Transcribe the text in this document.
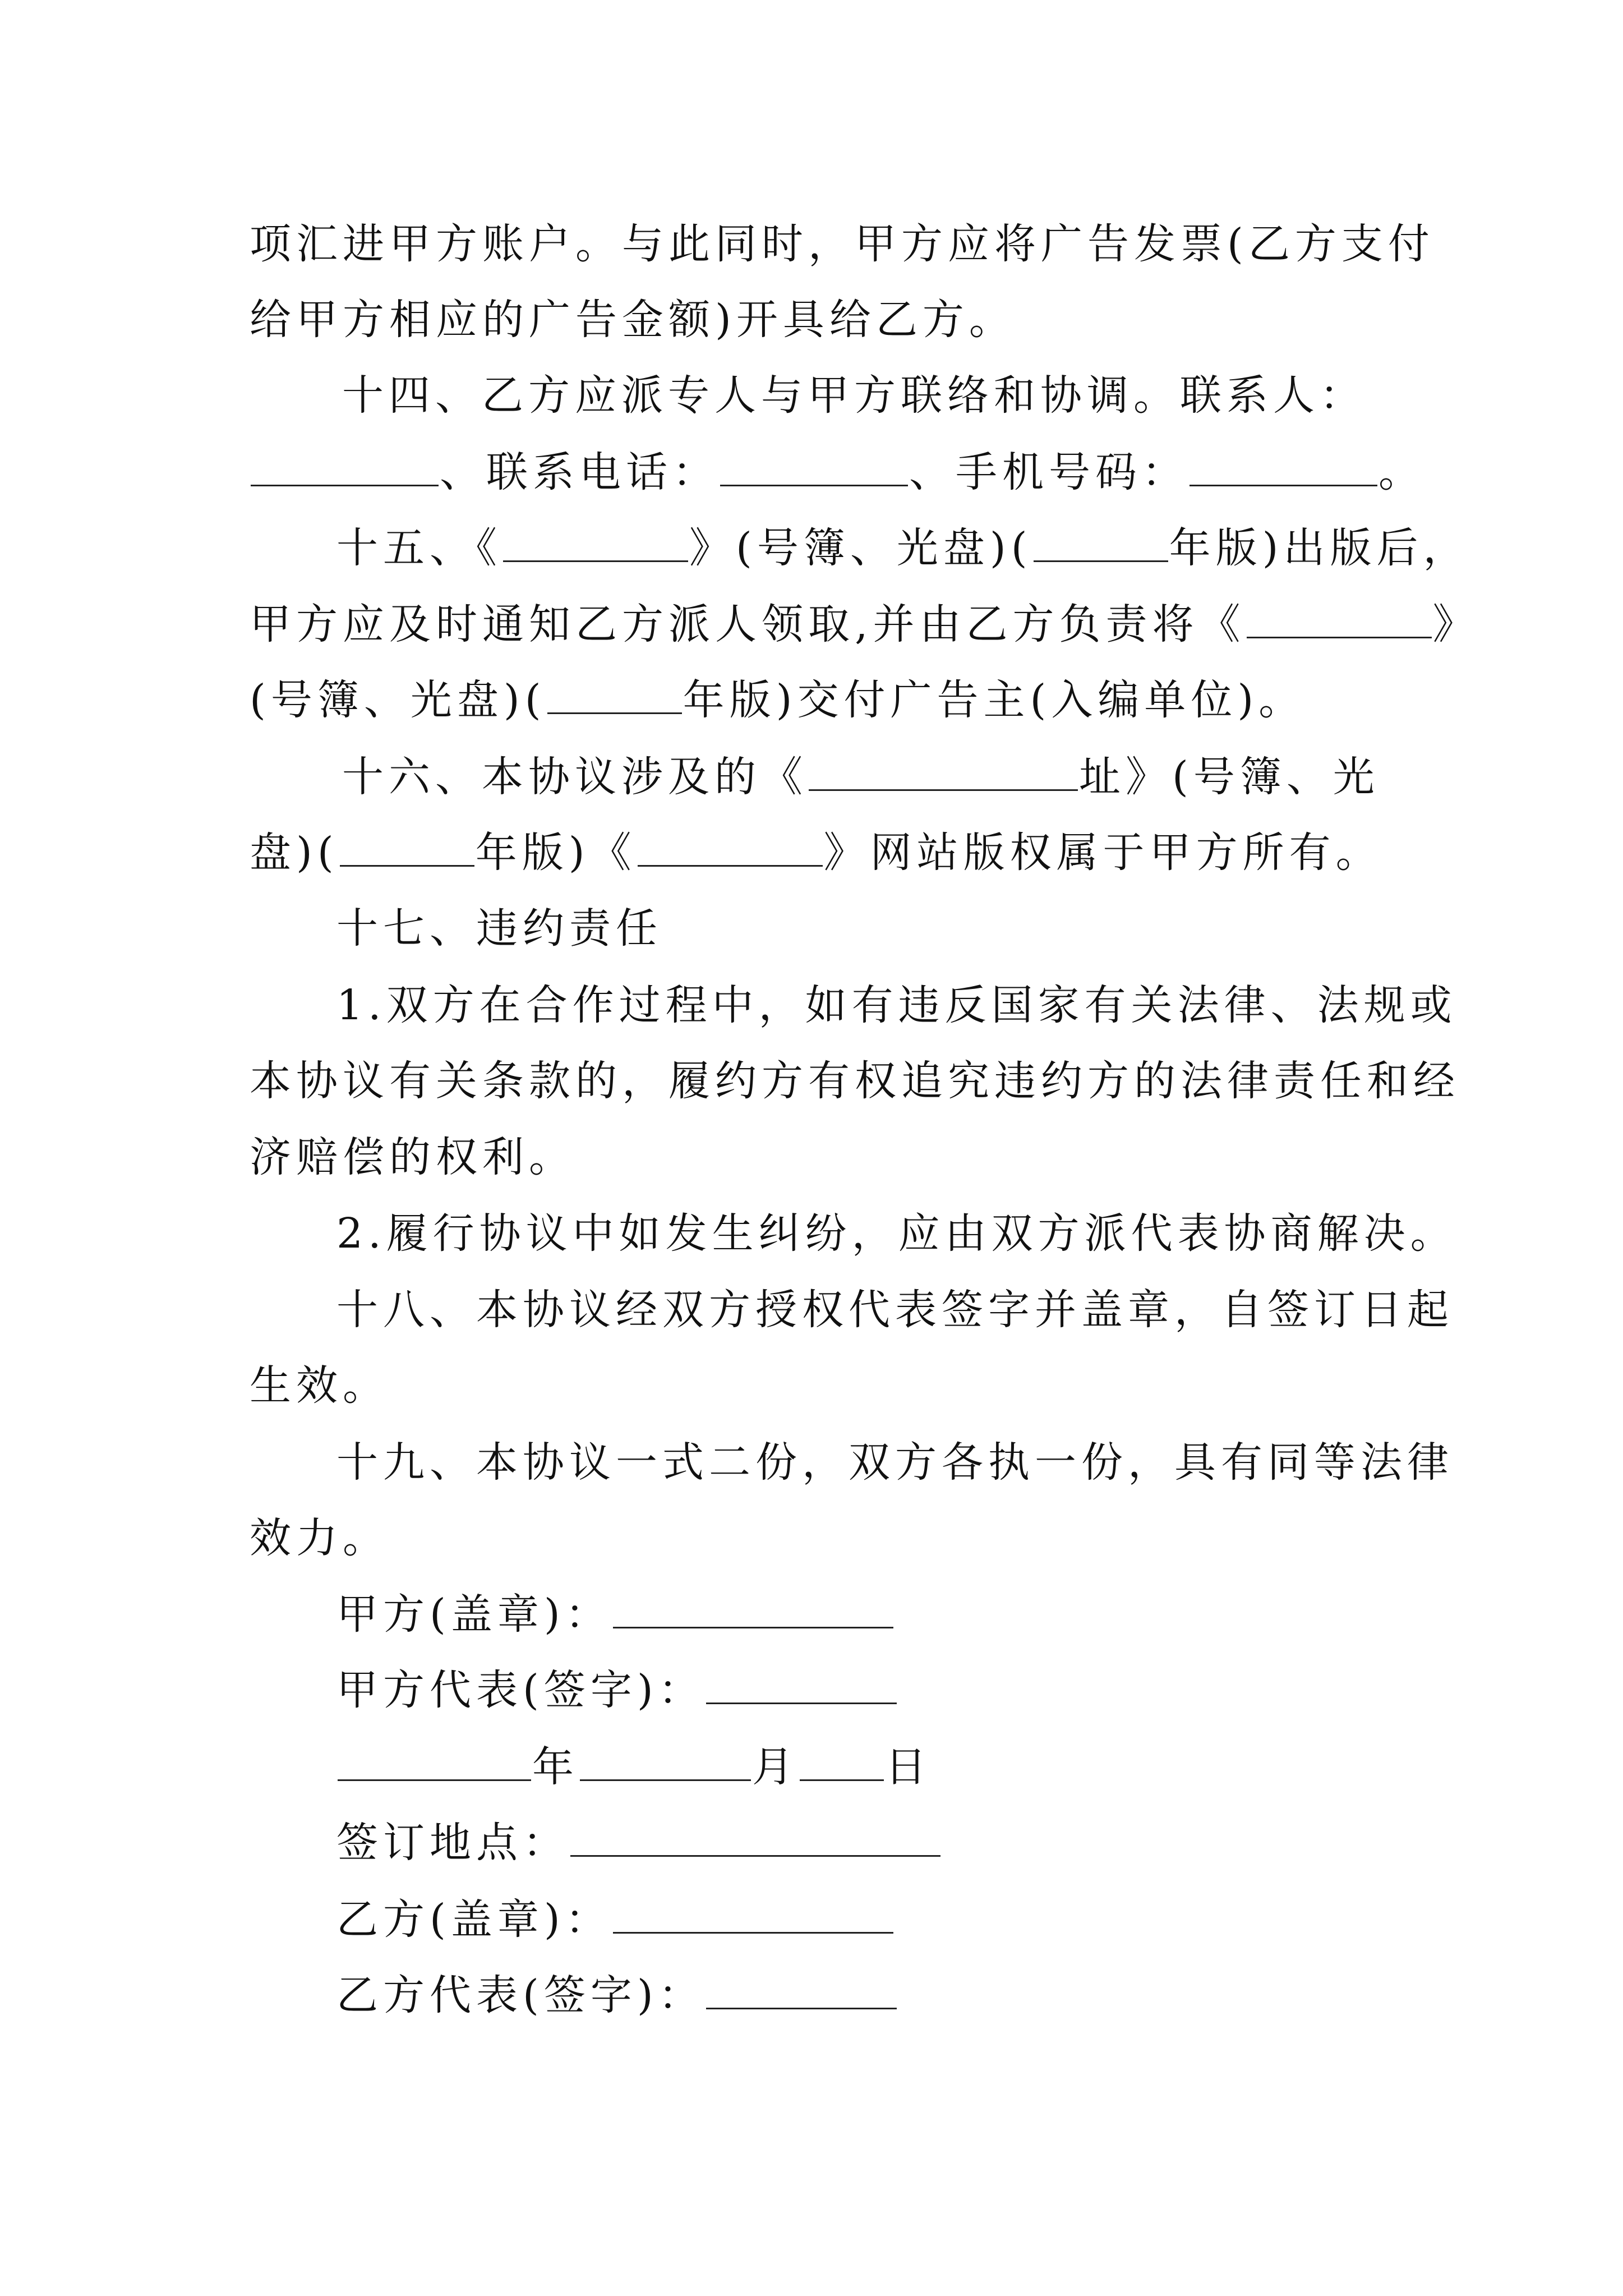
项汇进甲方账户。与此同时，甲方应将广告发票(乙方支付
给甲方相应的广告金额)开具给乙方。
十四、乙方应派专人与甲方联络和协调。联系人：
、联系电话：	、手机号码：	。
十五、《	》(号簿、光盘)(	年版)出版后，
甲方应及时通知乙方派人领取,并由乙方负责将《	》
(号簿、光盘)(	年版)交付广告主(入编单位)。
十六、本协议涉及的《	址》(号簿、光
盘)(	年版)《	》网站版权属于甲方所有。
十七、违约责任
1.双方在合作过程中，如有违反国家有关法律、法规或
本协议有关条款的，履约方有权追究违约方的法律责任和经
济赔偿的权利。
2.履行协议中如发生纠纷，应由双方派代表协商解决。
十八、本协议经双方授权代表签字并盖章，自签订日起
生效。
十九、本协议一式二份，双方各执一份，具有同等法律
效力。
甲方(盖章)：
甲方代表(签字)：
年	月 日
签订地点：
乙方(盖章)：
乙方代表(签字)：
